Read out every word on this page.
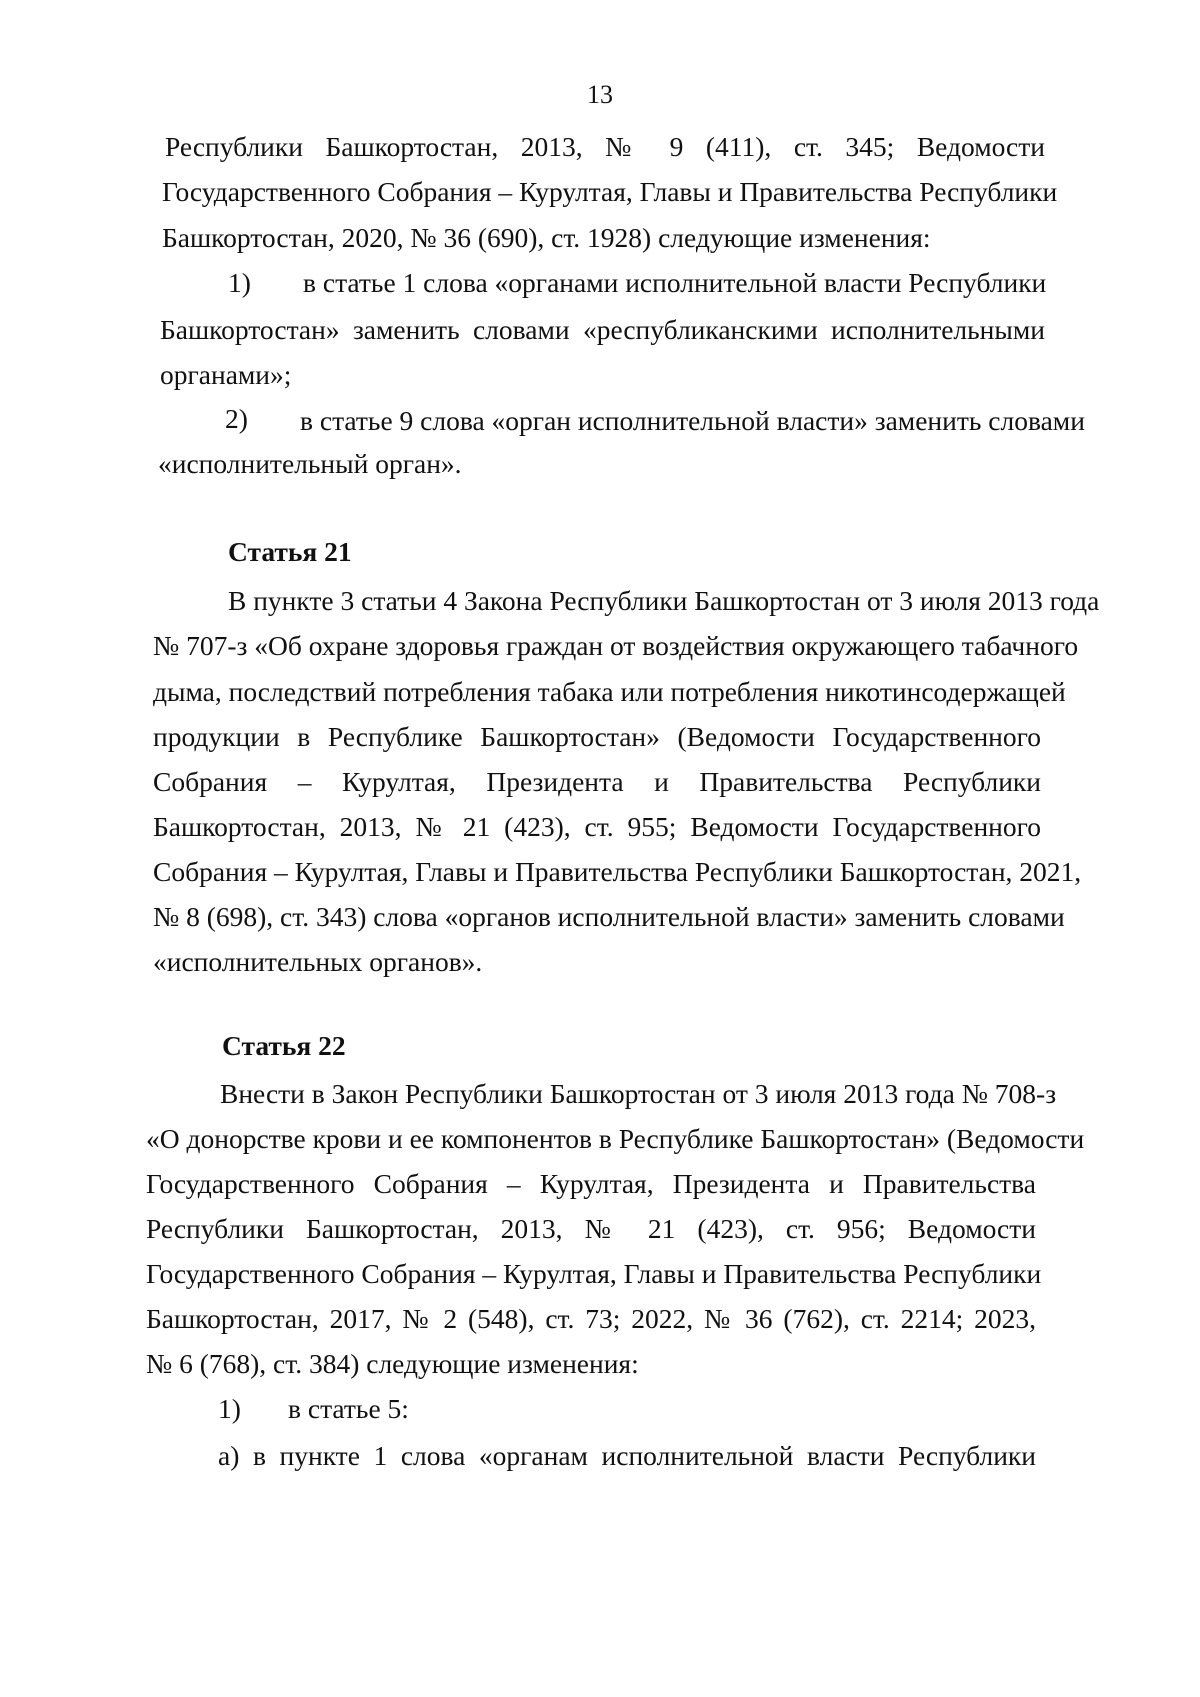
13
Республики Башкортостан, 2013, № 9 (411), ст. 345; Ведомости
Государственного Собрания – Курултая, Главы и Правительства Республики
Башкортостан, 2020, № 36 (690), ст. 1928) следующие изменения:
1) в статье 1 слова «органами исполнительной власти Республики
Башкортостан» заменить словами «республиканскими исполнительными
органами»;
2) в статье 9 слова «орган исполнительной власти» заменить словами
«исполнительный орган».
Статья 21
В пункте 3 статьи 4 Закона Республики Башкортостан от 3 июля 2013 года
№ 707-з «Об охране здоровья граждан от воздействия окружающего табачного
дыма, последствий потребления табака или потребления никотинсодержащей
продукции в Республике Башкортостан» (Ведомости Государственного
Собрания – Курултая, Президента и Правительства Республики
Башкортостан, 2013, № 21 (423), ст. 955; Ведомости Государственного
Собрания – Курултая, Главы и Правительства Республики Башкортостан, 2021,
№ 8 (698), ст. 343) слова «органов исполнительной власти» заменить словами
«исполнительных органов».
Статья 22
Внести в Закон Республики Башкортостан от 3 июля 2013 года № 708-з
«О донорстве крови и ее компонентов в Республике Башкортостан» (Ведомости
Государственного Собрания – Курултая, Президента и Правительства
Республики Башкортостан, 2013, № 21 (423), ст. 956; Ведомости
Государственного Собрания – Курултая, Главы и Правительства Республики
Башкортостан, 2017, № 2 (548), ст. 73; 2022, № 36 (762), ст. 2214; 2023,
№ 6 (768), ст. 384) следующие изменения:
1) в статье 5:
а) в пункте 1 слова «органам исполнительной власти Республики
